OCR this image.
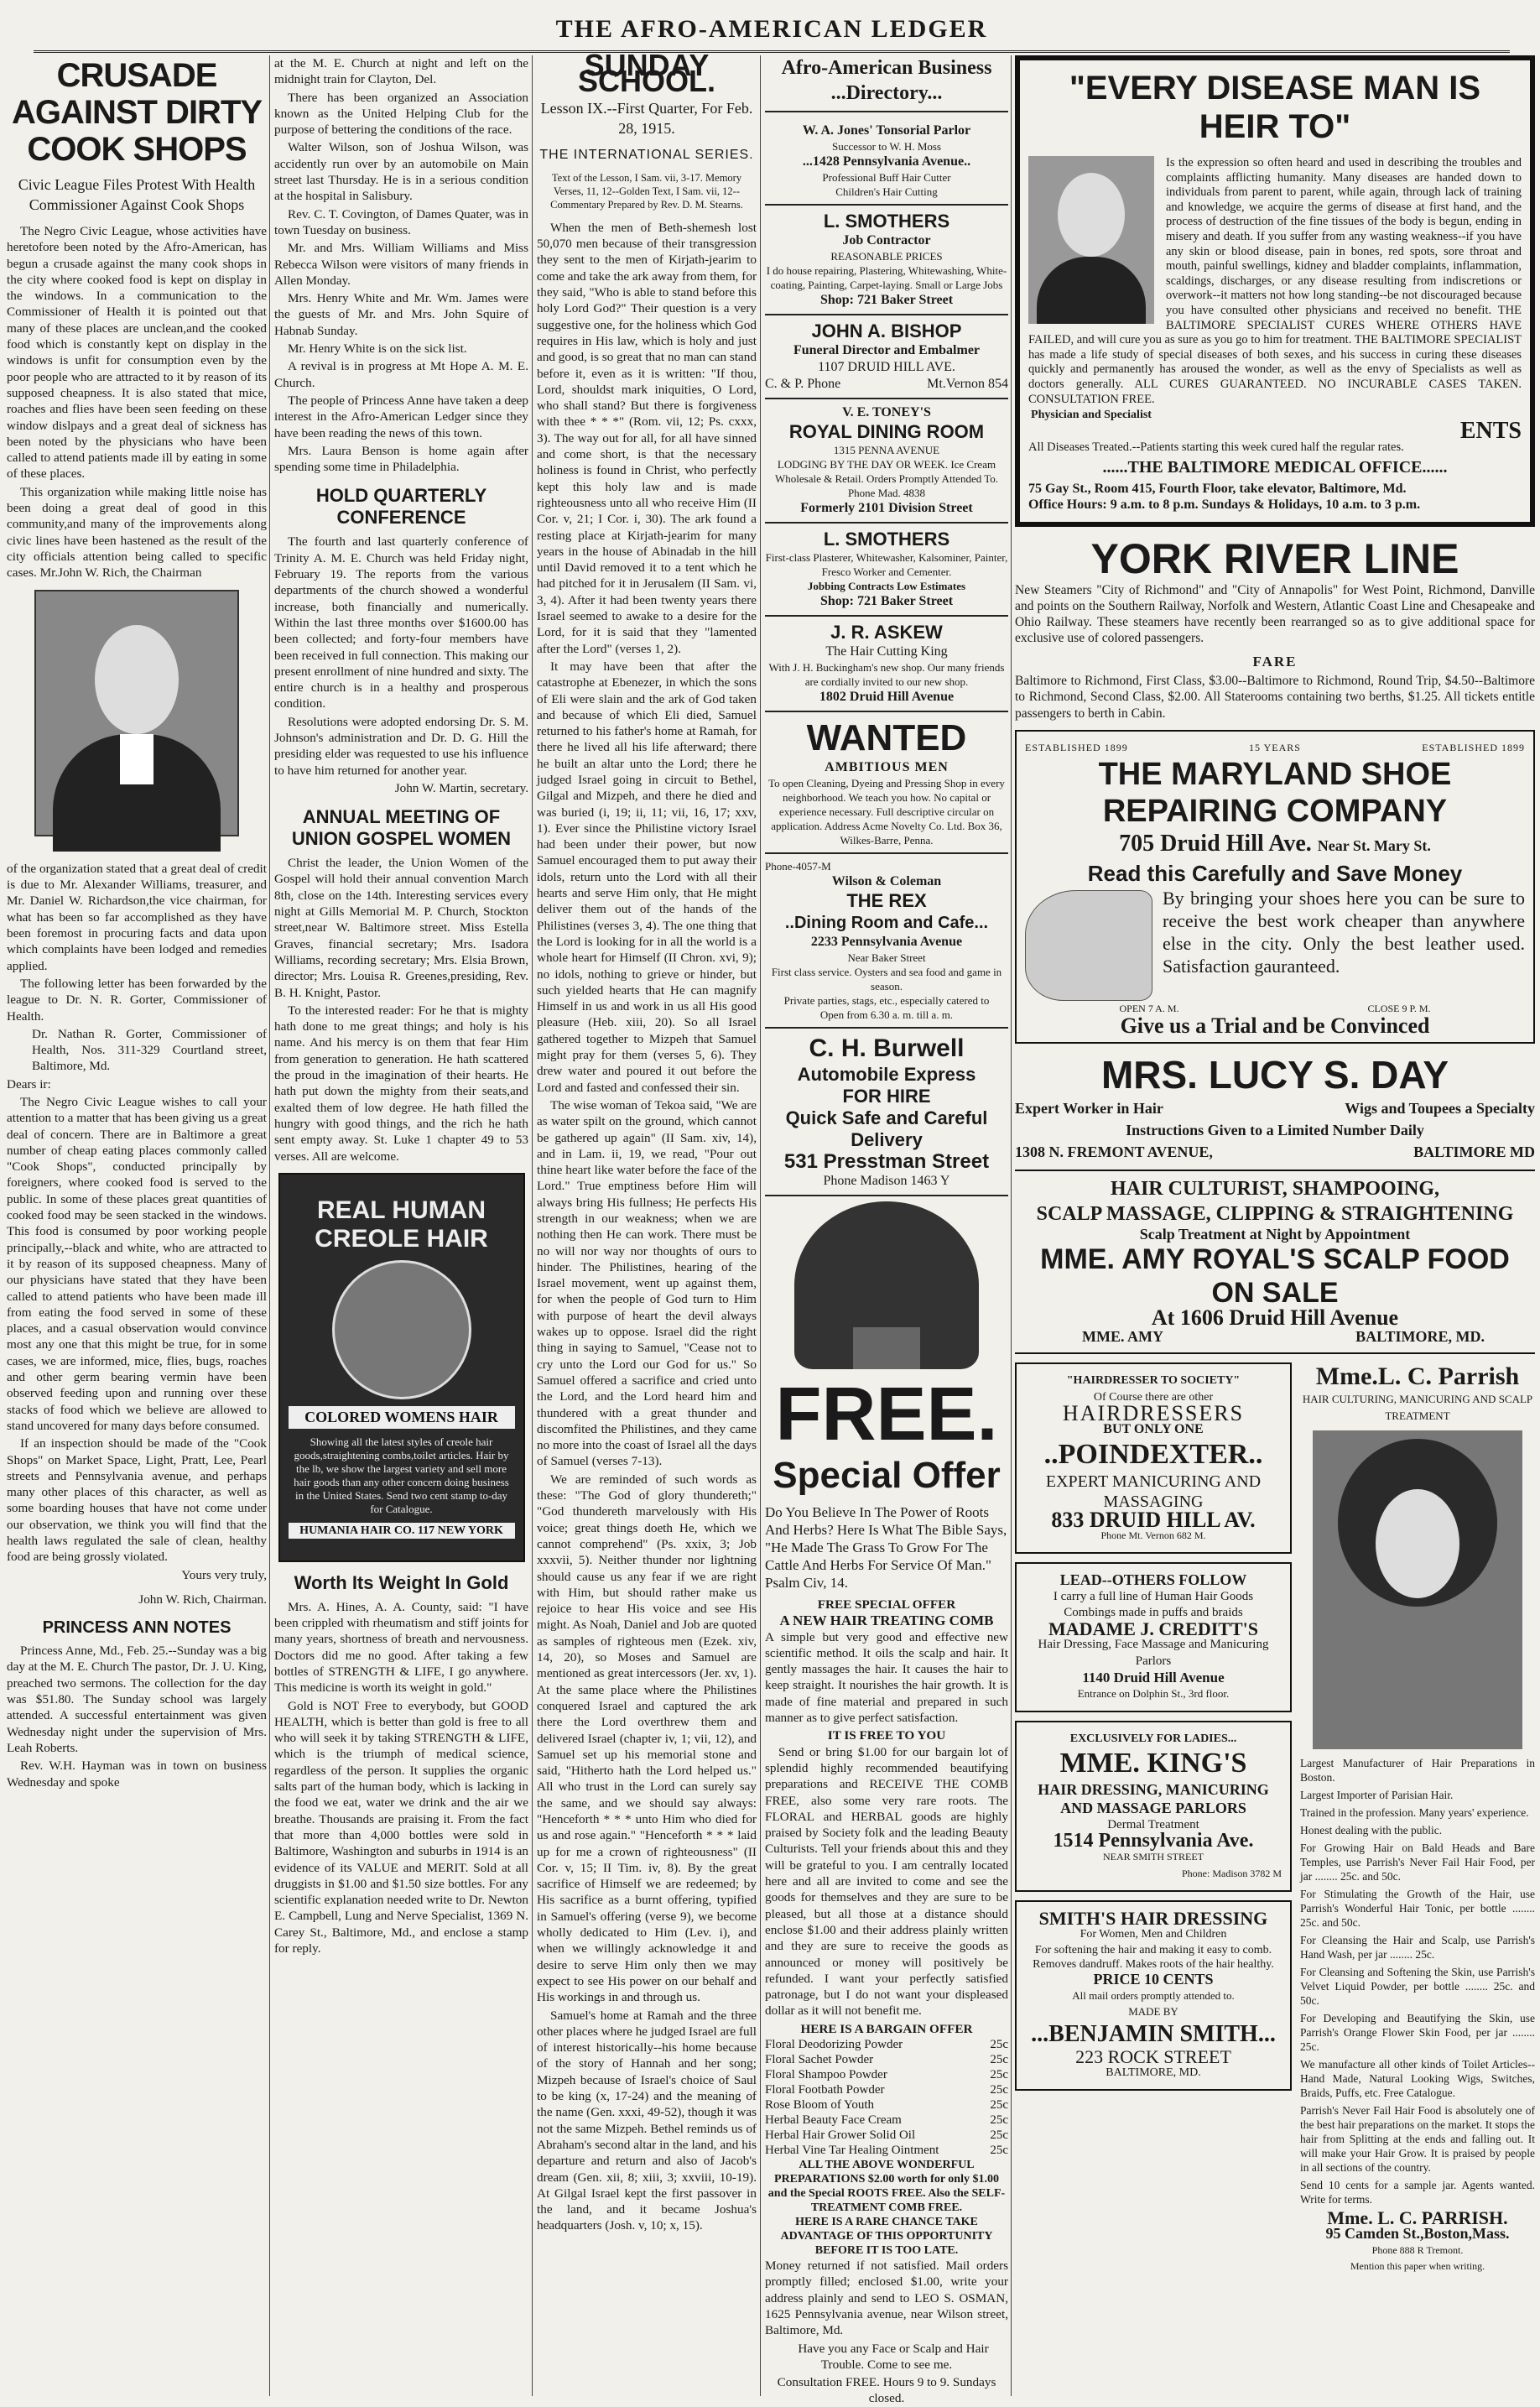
THE AFRO-AMERICAN LEDGER
CRUSADE AGAINST DIRTY COOK SHOPS
Civic League Files Protest With Health Commissioner Against Cook Shops

The Negro Civic League, whose activities have heretofore been noted by the Afro-American, has begun a crusade against the many cook shops in the city where cooked food is kept on display in the windows. In a communication to the Commissioner of Health it is pointed out that many of these places are unclean,and the cooked food which is constantly kept on display in the windows is unfit for consumption even by the poor people who are attracted to it by reason of its supposed cheapness. It is also stated that mice, roaches and flies have been seen feeding on these window dislpays and a great deal of sickness has been noted by the physicians who have been called to attend patients made ill by eating in some of these places.

This organization while making little noise has been doing a great deal of good in this community,and many of the improvements along civic lines have been hastened as the result of the city officials attention being called to specific cases. Mr.John W. Rich, the Chairman

of the organization stated that a great deal of credit is due to Mr. Alexander Williams, treasurer, and Mr. Daniel W. Richardson,the vice chairman, for what has been so far accomplished as they have been foremost in procuring facts and data upon which complaints have been lodged and remedies applied.

The following letter has been forwarded by the league to Dr. N. R. Gorter, Commissioner of Health.

Dr. Nathan R. Gorter, Commissioner of Health, Nos. 311-329 Courtland street, Baltimore, Md.

Dears ir:

The Negro Civic League wishes to call your attention to a matter that has been giving us a great deal of concern. There are in Baltimore a great number of cheap eating places commonly called "Cook Shops", conducted principally by foreigners, where cooked food is served to the public. In some of these places great quantities of cooked food may be seen stacked in the windows. This food is consumed by poor working people principally,--black and white, who are attracted to it by reason of its supposed cheapness. Many of our physicians have stated that they have been called to attend patients who have been made ill from eating the food served in some of these places, and a casual observation would convince most any one that this might be true, for in some cases, we are informed, mice, flies, bugs, roaches and other germ bearing vermin have been observed feeding upon and running over these stacks of food which we believe are allowed to stand uncovered for many days before consumed.

If an inspection should be made of the "Cook Shops" on Market Space, Light, Pratt, Lee, Pearl streets and Pennsylvania avenue, and perhaps many other places of this character, as well as some boarding houses that have not come under our observation, we think you will find that the health laws regulated the sale of clean, healthy food are being grossly violated.

Yours very truly,
John W. Rich, Chairman.
PRINCESS ANN NOTES

Princess Anne, Md., Feb. 25.--Sunday was a big day at the M. E. Church The pastor, Dr. J. U. King, preached two sermons. The collection for the day was $51.80. The Sunday school was largely attended. A successful entertainment was given Wednesday night under the supervision of Mrs. Leah Roberts.

Rev. W.H. Hayman was in town on business Wednesday and spoke

at the M. E. Church at night and left on the midnight train for Clayton, Del.

There has been organized an Association known as the United Helping Club for the purpose of bettering the conditions of the race.

Walter Wilson, son of Joshua Wilson, was accidently run over by an automobile on Main street last Thursday. He is in a serious condition at the hospital in Salisbury.

Rev. C. T. Covington, of Dames Quater, was in town Tuesday on business.

Mr. and Mrs. William Williams and Miss Rebecca Wilson were visitors of many friends in Allen Monday.

Mrs. Henry White and Mr. Wm. James were the guests of Mr. and Mrs. John Squire of Habnab Sunday.

Mr. Henry White is on the sick list.

A revival is in progress at Mt Hope A. M. E. Church.

The people of Princess Anne have taken a deep interest in the Afro-American Ledger since they have been reading the news of this town.

Mrs. Laura Benson is home again after spending some time in Philadelphia.

HOLD QUARTERLY CONFERENCE

The fourth and last quarterly conference of Trinity A. M. E. Church was held Friday night, February 19. The reports from the various departments of the church showed a wonderful increase, both financially and numerically. Within the last three months over $1600.00 has been collected; and forty-four members have been received in full connection. This making our present enrollment of nine hundred and sixty. The entire church is in a healthy and prosperous condition.

Resolutions were adopted endorsing Dr. S. M. Johnson's administration and Dr. D. G. Hill the presiding elder was requested to use his influence to have him returned for another year.

John W. Martin, secretary.
ANNUAL MEETING OF UNION GOSPEL WOMEN

Christ the leader, the Union Women of the Gospel will hold their annual convention March 8th, close on the 14th. Interesting services every night at Gills Memorial M. P. Church, Stockton street,near W. Baltimore street. Miss Estella Graves, financial secretary; Mrs. Isadora Williams, recording secretary; Mrs. Elsia Brown, director; Mrs. Louisa R. Greenes,presiding, Rev. B. H. Knight, Pastor.

To the interested reader: For he that is mighty hath done to me great things; and holy is his name. And his mercy is on them that fear Him from generation to generation. He hath scattered the proud in the imagination of their hearts. He hath put down the mighty from their seats,and exalted them of low degree. He hath filled the hungry with good things, and the rich he hath sent empty away. St. Luke 1 chapter 49 to 53 verses. All are welcome.

REAL HUMAN CREOLE HAIR
COLORED WOMENS HAIR
Showing all the latest styles of creole hair goods,straightening combs,toilet articles. Hair by the lb, we show the largest variety and sell more hair goods than any other concern doing business in the United States. Send two cent stamp to-day for Catalogue.
HUMANIA HAIR CO. 117 NEW YORK
Worth Its Weight In Gold

Mrs. A. Hines, A. A. County, said: "I have been crippled with rheumatism and stiff joints for many years, shortness of breath and nervousness. Doctors did me no good. After taking a few bottles of STRENGTH & LIFE, I go anywhere. This medicine is worth its weight in gold."

Gold is NOT Free to everybody, but GOOD HEALTH, which is better than gold is free to all who will seek it by taking STRENGTH & LIFE, which is the triumph of medical science, regardless of the person. It supplies the organic salts part of the human body, which is lacking in the food we eat, water we drink and the air we breathe. Thousands are praising it. From the fact that more than 4,000 bottles were sold in Baltimore, Washington and suburbs in 1914 is an evidence of its VALUE and MERIT. Sold at all druggists in $1.00 and $1.50 size bottles. For any scientific explanation needed write to Dr. Newton E. Campbell, Lung and Nerve Specialist, 1369 N. Carey St., Baltimore, Md., and enclose a stamp for reply.

SUNDAY SCHOOL.
Lesson IX.--First Quarter, For Feb. 28, 1915.
THE INTERNATIONAL SERIES.
Text of the Lesson, I Sam. vii, 3-17. Memory Verses, 11, 12--Golden Text, I Sam. vii, 12--Commentary Prepared by Rev. D. M. Stearns.

When the men of Beth-shemesh lost 50,070 men because of their transgression they sent to the men of Kirjath-jearim to come and take the ark away from them, for they said, "Who is able to stand before this holy Lord God?" Their question is a very suggestive one, for the holiness which God requires in His law, which is holy and just and good, is so great that no man can stand before it, even as it is written: "If thou, Lord, shouldst mark iniquities, O Lord, who shall stand? But there is forgiveness with thee * * *" (Rom. vii, 12; Ps. cxxx, 3). The way out for all, for all have sinned and come short, is that the necessary holiness is found in Christ, who perfectly kept this holy law and is made righteousness unto all who receive Him (II Cor. v, 21; I Cor. i, 30). The ark found a resting place at Kirjath-jearim for many years in the house of Abinadab in the hill until David removed it to a tent which he had pitched for it in Jerusalem (II Sam. vi, 3, 4). After it had been twenty years there Israel seemed to awake to a desire for the Lord, for it is said that they "lamented after the Lord" (verses 1, 2).

It may have been that after the catastrophe at Ebenezer, in which the sons of Eli were slain and the ark of God taken and because of which Eli died, Samuel returned to his father's home at Ramah, for there he lived all his life afterward; there he built an altar unto the Lord; there he judged Israel going in circuit to Bethel, Gilgal and Mizpeh, and there he died and was buried (i, 19; ii, 11; vii, 16, 17; xxv, 1). Ever since the Philistine victory Israel had been under their power, but now Samuel encouraged them to put away their idols, return unto the Lord with all their hearts and serve Him only, that He might deliver them out of the hands of the Philistines (verses 3, 4). The one thing that the Lord is looking for in all the world is a whole heart for Himself (II Chron. xvi, 9); no idols, nothing to grieve or hinder, but such yielded hearts that He can magnify Himself in us and work in us all His good pleasure (Heb. xiii, 20). So all Israel gathered together to Mizpeh that Samuel might pray for them (verses 5, 6). They drew water and poured it out before the Lord and fasted and confessed their sin.

The wise woman of Tekoa said, "We are as water spilt on the ground, which cannot be gathered up again" (II Sam. xiv, 14), and in Lam. ii, 19, we read, "Pour out thine heart like water before the face of the Lord." True emptiness before Him will always bring His fullness; He perfects His strength in our weakness; when we are nothing then He can work. There must be no will nor way nor thoughts of ours to hinder. The Philistines, hearing of the Israel movement, went up against them, for when the people of God turn to Him with purpose of heart the devil always wakes up to oppose. Israel did the right thing in saying to Samuel, "Cease not to cry unto the Lord our God for us." So Samuel offered a sacrifice and cried unto the Lord, and the Lord heard him and thundered with a great thunder and discomfited the Philistines, and they came no more into the coast of Israel all the days of Samuel (verses 7-13).

We are reminded of such words as these: "The God of glory thundereth;" "God thundereth marvelously with His voice; great things doeth He, which we cannot comprehend" (Ps. xxix, 3; Job xxxvii, 5). Neither thunder nor lightning should cause us any fear if we are right with Him, but should rather make us rejoice to hear His voice and see His might. As Noah, Daniel and Job are quoted as samples of righteous men (Ezek. xiv, 14, 20), so Moses and Samuel are mentioned as great intercessors (Jer. xv, 1). At the same place where the Philistines conquered Israel and captured the ark there the Lord overthrew them and delivered Israel (chapter iv, 1; vii, 12), and Samuel set up his memorial stone and said, "Hitherto hath the Lord helped us." All who trust in the Lord can surely say the same, and we should say always: "Henceforth * * * unto Him who died for us and rose again." "Henceforth * * * laid up for me a crown of righteousness" (II Cor. v, 15; II Tim. iv, 8). By the great sacrifice of Himself we are redeemed; by His sacrifice as a burnt offering, typified in Samuel's offering (verse 9), we become wholly dedicated to Him (Lev. i), and when we willingly acknowledge it and desire to serve Him only then we may expect to see His power on our behalf and His workings in and through us.

Samuel's home at Ramah and the three other places where he judged Israel are full of interest historically--his home because of the story of Hannah and her song; Mizpeh because of Israel's choice of Saul to be king (x, 17-24) and the meaning of the name (Gen. xxxi, 49-52), though it was not the same Mizpeh. Bethel reminds us of Abraham's second altar in the land, and his departure and return and also of Jacob's dream (Gen. xii, 8; xiii, 3; xxviii, 10-19). At Gilgal Israel kept the first passover in the land, and it became Joshua's headquarters (Josh. v, 10; x, 15).

Afro-American Business ...Directory...
W. A. Jones' Tonsorial Parlor
Successor to W. H. Moss
...1428 Pennsylvania Avenue..
Professional Buff Hair Cutter
Children's Hair Cutting
L. SMOTHERS
Job Contractor
REASONABLE PRICES
I do house repairing, Plastering, Whitewashing, White-coating, Painting, Carpet-laying. Small or Large Jobs
Shop: 721 Baker Street
JOHN A. BISHOP
Funeral Director and Embalmer
1107 DRUID HILL AVE.
C. & P. Phone	Mt.Vernon 854
V. E. TONEY'S
ROYAL DINING ROOM
1315 PENNA AVENUE
LODGING BY THE DAY OR WEEK. Ice Cream Wholesale & Retail. Orders Promptly Attended To. Phone Mad. 4838
Formerly 2101 Division Street
L. SMOTHERS
First-class Plasterer, Whitewasher, Kalsominer, Painter, Fresco Worker and Cementer.
Jobbing Contracts Low Estimates
Shop: 721 Baker Street
J. R. ASKEW
The Hair Cutting King
With J. H. Buckingham's new shop. Our many friends are cordially invited to our new shop.
1802 Druid Hill Avenue
WANTED
AMBITIOUS MEN
To open Cleaning, Dyeing and Pressing Shop in every neighborhood. We teach you how. No capital or experience necessary. Full descriptive circular on application. Address Acme Novelty Co. Ltd. Box 36, Wilkes-Barre, Penna.
Phone-4057-M
Wilson & Coleman
THE REX
..Dining Room and Cafe...
2233 Pennsylvania Avenue
Near Baker Street
First class service. Oysters and sea food and game in season.
Private parties, stags, etc., especially catered to
Open from 6.30 a. m. till a. m.
C. H. Burwell
Automobile Express
FOR HIRE
Quick Safe and Careful Delivery
531 Presstman Street
Phone Madison 1463 Y
FREE.
Special Offer
Do You Believe In The Power of Roots And Herbs? Here Is What The Bible Says, "He Made The Grass To Grow For The Cattle And Herbs For Service Of Man." Psalm Civ, 14.
FREE SPECIAL OFFER
A NEW HAIR TREATING COMB

A simple but very good and effective new scientific method. It oils the scalp and hair. It gently massages the hair. It causes the hair to keep straight. It nourishes the hair growth. It is made of fine material and prepared in such manner as to give perfect satisfaction.

IT IS FREE TO YOU

Send or bring $1.00 for our bargain lot of splendid highly recommended beautifying preparations and RECEIVE THE COMB FREE, also some very rare roots. The FLORAL and HERBAL goods are highly praised by Society folk and the leading Beauty Culturists. Tell your friends about this and they will be grateful to you. I am centrally located here and all are invited to come and see the goods for themselves and they are sure to be pleased, but all those at a distance should enclose $1.00 and their address plainly written and they are sure to receive the goods as announced or money will positively be refunded. I want your perfectly satisfied patronage, but I do not want your displeased dollar as it will not benefit me.

HERE IS A BARGAIN OFFER
Floral Deodorizing Powder	25c
Floral Sachet Powder	25c
Floral Shampoo Powder	25c
Floral Footbath Powder	25c
Rose Bloom of Youth	25c
Herbal Beauty Face Cream	25c
Herbal Hair Grower Solid Oil	25c
Herbal Vine Tar Healing Ointment	25c
ALL THE ABOVE WONDERFUL PREPARATIONS $2.00 worth for only $1.00 and the Special ROOTS FREE. Also the SELF-TREATMENT COMB FREE.
HERE IS A RARE CHANCE TAKE ADVANTAGE OF THIS OPPORTUNITY BEFORE IT IS TOO LATE.

Money returned if not satisfied. Mail orders promptly filled; enclosed $1.00, write your address plainly and send to LEO S. OSMAN, 1625 Pennsylvania avenue, near Wilson street, Baltimore, Md.

Have you any Face or Scalp and Hair Trouble. Come to see me.

Consultation FREE. Hours 9 to 9. Sundays closed.

"EVERY DISEASE MAN IS HEIR TO"
Is the expression so often heard and used in describing the troubles and complaints afflicting humanity. Many diseases are handed down to individuals from parent to parent, while again, through lack of training and knowledge, we acquire the germs of disease at first hand, and the process of destruction of the fine tissues of the body is begun, ending in misery and death. If you suffer from any wasting weakness--if you have any skin or blood disease, pain in bones, red spots, sore throat and mouth, painful swellings, kidney and bladder complaints, inflammation, scaldings, discharges, or any disease resulting from indiscretions or overwork--it matters not how long standing--be not discouraged because you have consulted other physicians and received no benefit. THE BALTIMORE SPECIALIST CURES WHERE OTHERS HAVE FAILED, and will cure you as sure as you go to him for treatment. THE BALTIMORE SPECIALIST has made a life study of special diseases of both sexes, and his success in curing these diseases quickly and permanently has aroused the wonder, as well as the envy of Specialists as well as doctors generally. ALL CURES GUARANTEED. NO INCURABLE CASES TAKEN. CONSULTATION FREE.
Physician and Specialist
ENTS
All Diseases Treated.--Patients starting this week cured half the regular rates.
......THE BALTIMORE MEDICAL OFFICE......
75 Gay St., Room 415, Fourth Floor, take elevator, Baltimore, Md.
Office Hours: 9 a.m. to 8 p.m. Sundays & Holidays, 10 a.m. to 3 p.m.
YORK RIVER LINE

New Steamers "City of Richmond" and "City of Annapolis" for West Point, Richmond, Danville and points on the Southern Railway, Norfolk and Western, Atlantic Coast Line and Chesapeake and Ohio Railway. These steamers have recently been rearranged so as to give additional space for exclusive use of colored passengers.

FARE

Baltimore to Richmond, First Class, $3.00--Baltimore to Richmond, Round Trip, $4.50--Baltimore to Richmond, Second Class, $2.00. All Staterooms containing two berths, $1.25. All tickets entitle passengers to berth in Cabin.

ESTABLISHED 1899	15 YEARS	ESTABLISHED 1899
THE MARYLAND SHOE REPAIRING COMPANY
705 Druid Hill Ave. Near St. Mary St.
Read this Carefully and Save Money
By bringing your shoes here you can be sure to receive the best work cheaper than anywhere else in the city. Only the best leather used. Satisfaction gauranteed.
OPEN 7 A. M.	CLOSE 9 P. M.
Give us a Trial and be Convinced
MRS. LUCY S. DAY
Expert Worker in Hair	Wigs and Toupees a Specialty
Instructions Given to a Limited Number Daily
1308 N. FREMONT AVENUE,	BALTIMORE MD
HAIR CULTURIST, SHAMPOOING,
SCALP MASSAGE, CLIPPING & STRAIGHTENING
Scalp Treatment at Night by Appointment
MME. AMY ROYAL'S SCALP FOOD ON SALE
At 1606 Druid Hill Avenue
MME. AMY	BALTIMORE, MD.
"HAIRDRESSER TO SOCIETY"
Of Course there are other
HAIRDRESSERS
BUT ONLY ONE
..POINDEXTER..
EXPERT MANICURING AND MASSAGING
833 DRUID HILL AV.
Phone Mt. Vernon 682 M.
LEAD--OTHERS FOLLOW
I carry a full line of Human Hair Goods
Combings made in puffs and braids
MADAME J. CREDITT'S
Hair Dressing, Face Massage and Manicuring Parlors
1140 Druid Hill Avenue
Entrance on Dolphin St., 3rd floor.
EXCLUSIVELY FOR LADIES...
MME. KING'S
HAIR DRESSING, MANICURING AND MASSAGE PARLORS
Dermal Treatment
1514 Pennsylvania Ave.
NEAR SMITH STREET
Phone: Madison 3782 M
SMITH'S HAIR DRESSING
For Women, Men and Children
For softening the hair and making it easy to comb. Removes dandruff. Makes roots of the hair healthy.
PRICE 10 CENTS
All mail orders promptly attended to.
MADE BY
...BENJAMIN SMITH...
223 ROCK STREET
BALTIMORE, MD.
Mme.L. C. Parrish
HAIR CULTURING, MANICURING AND SCALP TREATMENT

Largest Manufacturer of Hair Preparations in Boston.

Largest Importer of Parisian Hair.

Trained in the profession. Many years' experience.

Honest dealing with the public.

For Growing Hair on Bald Heads and Bare Temples, use Parrish's Never Fail Hair Food, per jar ........ 25c. and 50c.

For Stimulating the Growth of the Hair, use Parrish's Wonderful Hair Tonic, per bottle ........ 25c. and 50c.

For Cleansing the Hair and Scalp, use Parrish's Hand Wash, per jar ........ 25c.

For Cleansing and Softening the Skin, use Parrish's Velvet Liquid Powder, per bottle ........ 25c. and 50c.

For Developing and Beautifying the Skin, use Parrish's Orange Flower Skin Food, per jar ........ 25c.

We manufacture all other kinds of Toilet Articles--Hand Made, Natural Looking Wigs, Switches, Braids, Puffs, etc. Free Catalogue.

Parrish's Never Fail Hair Food is absolutely one of the best hair preparations on the market. It stops the hair from Splitting at the ends and falling out. It will make your Hair Grow. It is praised by people in all sections of the country.

Send 10 cents for a sample jar. Agents wanted. Write for terms.

Mme. L. C. PARRISH.
95 Camden St.,Boston,Mass.
Phone 888 R Tremont.
Mention this paper when writing.
